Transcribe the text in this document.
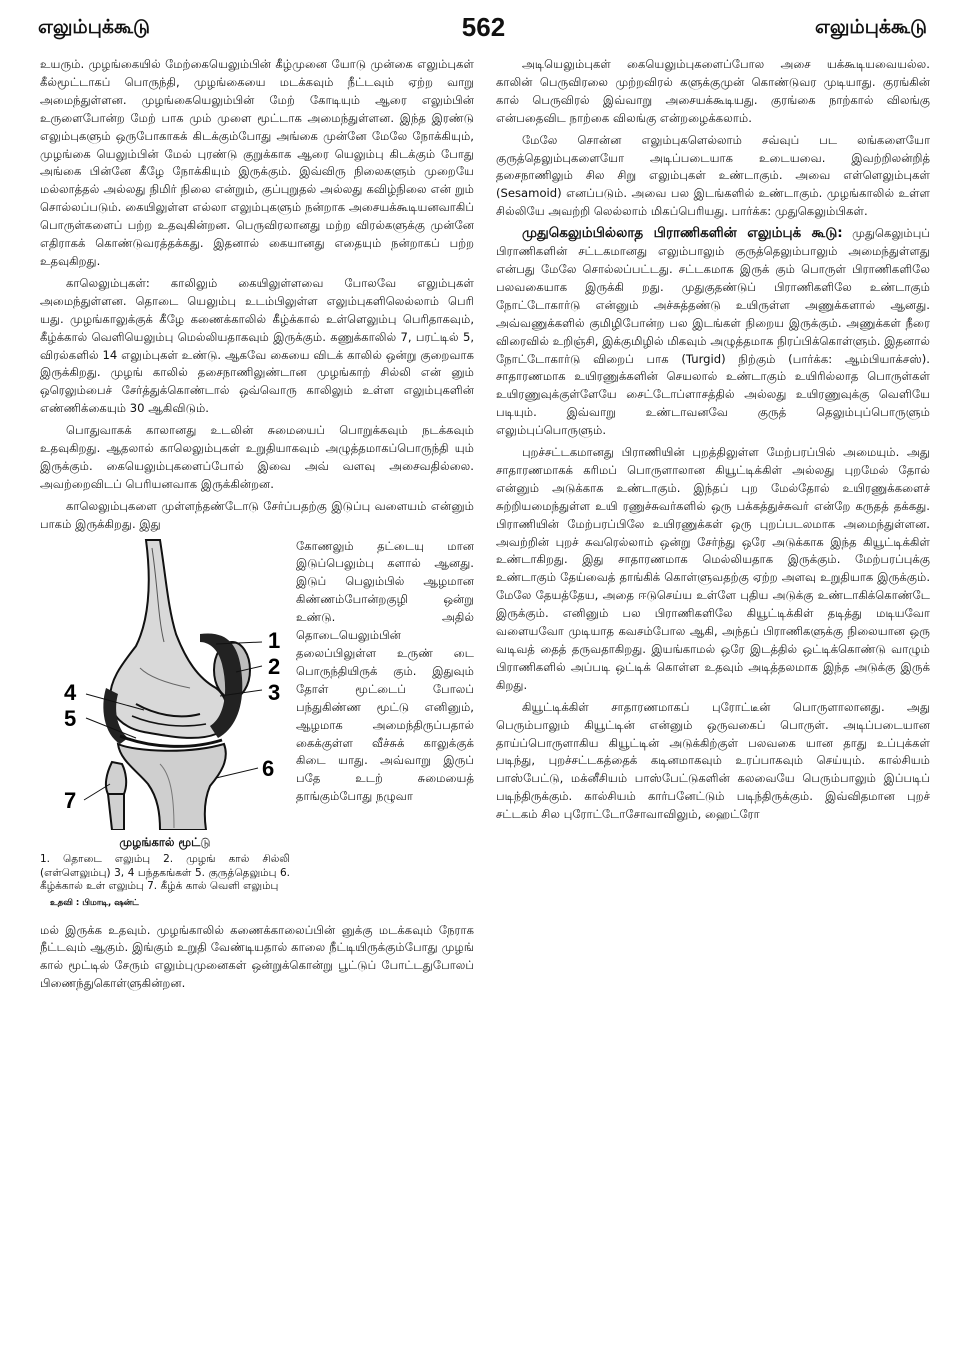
எலும்புக்கூடு	562	எலும்புக்கூடு

உயரும். முழங்கையில் மேற்கையெலும்பின் கீழ்முனை யோடு முன்கை எலும்புகள் கீல்மூட்டாகப் பொருந்தி, முழங்கையை மடக்கவும் நீட்டவும் ஏற்ற வாறு அமைந்துள்ளன. முழங்கையெலும்பின் மேற் கோடியும் ஆரை எலும்பின் உருளைபோன்ற மேற் பாக மும் முளை மூட்டாக அமைந்துள்ளன. இந்த இரண்டு எலும்புகளும் ஒருபோகாகக் கிடக்கும்போது அங்கை முன்னே மேலே நோக்கியும், முழங்கை யெலும்பின் மேல் புரண்டு குறுக்காக ஆரை யெலும்பு கிடக்கும் போது அங்கை பின்னே கீழே நோக்கியும் இருக்கும். இவ்விரு நிலைகளும் முறையே மல்லாத்தல் அல்லது நிமிர் நிலை என்றும், குப்புறுதல் அல்லது கவிழ்நிலை என் றும் சொல்லப்படும். கையிலுள்ள எல்லா எலும்புகளும் நன்றாக அசையக்கூடியனவாகிப் பொருள்களைப் பற்ற உதவுகின்றன. பெருவிரலானது மற்ற விரல்களுக்கு முன்னே எதிராகக் கொண்டுவரத்தக்கது. இதனால் கையானது எதையும் நன்றாகப் பற்ற உதவுகிறது.

காலெலும்புகள்: காலிலும் கையிலுள்ளவை போலவே எலும்புகள் அமைந்துள்ளன. தொடை யெலும்பு உடம்பிலுள்ள எலும்புகளிலெல்லாம் பெரி யது. முழங்காலுக்குக் கீழே கணைக்காலில் கீழ்க்கால் உள்ளெலும்பு பெரிதாகவும், கீழ்க்கால் வெளியெலும்பு மெல்லியதாகவும் இருக்கும். கணுக்காலில் 7, பரட்டில் 5, விரல்களில் 14 எலும்புகள் உண்டு. ஆகவே கையை விடக் காலில் ஒன்று குறைவாக இருக்கிறது. முழங் காலில் தசைநாணிலுண்டான முழங்காற் சில்லி என் னும் ஒரெலும்பைச் சேர்த்துக்கொண்டால் ஒவ்வொரு காலிலும் உள்ள எலும்புகளின் எண்ணிக்கையும் 30 ஆகிவிடும்.

பொதுவாகக் காலானது உடலின் சுமையைப் பொறுக்கவும் நடக்கவும் உதவுகிறது. ஆதலால் காலெலும்புகள் உறுதியாகவும் அழுத்தமாகப்பொருந்தி யும் இருக்கும். கையெலும்புகளைப்போல் இவை அவ் வளவு அசைவதில்லை. அவற்றைவிடப் பெரியனவாக இருக்கின்றன.

காலெலும்புகளை முள்ளந்தண்டோடு சேர்ப்பதற்கு இடுப்பு வளையம் என்னும் பாகம் இருக்கிறது. இது

1
2
3
4
5
6
7
கோணலும் தட்டையு மான இடுப்பெலும்பு களால் ஆனது. இடுப் பெலும்பில் ஆழமான கிண்ணம்போன்றகுழி ஒன்று உண்டு. அதில் தொடையெலும்பின் தலைப்பிலுள்ள உருண் டை பொருந்தியிருக் கும். இதுவும் தோள் மூட்டைப் போலப் பந்துகிண்ண மூட்டு எனினும், ஆழமாக அமைந்திருப்பதால் கைக்குள்ள வீச்சுக் காலுக்குக் கிடை யாது. அவ்வாறு இருப் பதே உடற் சுமையைத் தாங்கும்போது நழுவா
முழங்கால் மூட்டு
1. தொடை எலும்பு 2. முழங் கால் சில்லி (எள்ளெலும்பு) 3, 4 பந்தகங்கள் 5. குருத்தெலும்பு 6. கீழ்க்கால் உள் எலும்பு 7. கீழ்க் கால் வெளி எலும்பு
உதவி : பிமாடி, ஷன்ட்

மல் இருக்க உதவும். முழங்காலில் கணைக்காலைப்பின் னுக்கு மடக்கவும் நேராக நீட்டவும் ஆகும். இங்கும் உறுதி வேண்டியதால் காலை நீட்டியிருக்கும்போது முழங் கால் மூட்டில் சேரும் எலும்புமுனைகள் ஒன்றுக்கொன்று பூட்டுப் போட்டதுபோலப் பிணைந்துகொள்ளுகின்றன.

அடியெலும்புகள் கையெலும்புகளைப்போல அசை யக்கூடியவையல்ல. காலின் பெருவிரலை முற்றவிரல் களுக்குமுன் கொண்டுவர முடியாது. குரங்கின் கால் பெருவிரல் இவ்வாறு அசையக்கூடியது. குரங்கை நாற்கால் விலங்கு என்பதைவிட நாற்கை விலங்கு என்றழைக்கலாம்.

மேலே சொன்ன எலும்புகளெல்லாம் சவ்வுப் பட லங்களையோ குருத்தெலும்புகளையோ அடிப்படையாக உடையவை. இவற்றிலன்றித் தசைநாணிலும் சில சிறு எலும்புகள் உண்டாகும். அவை எள்ளெலும்புகள் (Sesamoid) எனப்படும். அவை பல இடங்களில் உண்டாகும். முழங்காலில் உள்ள சில்லியே அவற்றி லெல்லாம் மிகப்பெரியது. பார்க்க: முதுகெலும்பிகள்.

முதுகெலும்பில்லாத பிராணிகளின் எலும்புக் கூடு: முதுகெலும்புப் பிராணிகளின் சட்டகமானது எலும்பாலும் குருத்தெலும்பாலும் அமைந்துள்ளது என்பது மேலே சொல்லப்பட்டது. சட்டகமாக இருக் கும் பொருள் பிராணிகளிலே பலவகையாக இருக்கி றது. முதுகுதண்டுப் பிராணிகளிலே உண்டாகும் நோட்டோகார்டு என்னும் அச்சுத்தண்டு உயிருள்ள அணுக்களால் ஆனது. அவ்வணுக்களில் குமிழிபோன்ற பல இடங்கள் நிறைய இருக்கும். அணுக்கள் நீரை விரைவில் உறிஞ்சி, இக்குமிழில் மிகவும் அழுத்தமாக நிரப்பிக்கொள்ளும். இதனால் நோட்டோகார்டு விறைப் பாக (Turgid) நிற்கும் (பார்க்க: ஆம்பியாக்சஸ்). சாதாரணமாக உயிரணுக்களின் செயலால் உண்டாகும் உயிரில்லாத பொருள்கள் உயிரணுவுக்குள்ளேயே சைட்டோப்ளாசத்தில் அல்லது உயிரணுவுக்கு வெளியே படியும். இவ்வாறு உண்டாவனவே குருத் தெலும்புப்பொருளும் எலும்புப்பொருளும்.

புறச்சட்டகமானது பிராணியின் புறத்திலுள்ள மேற்பரப்பில் அமையும். அது சாதாரணமாகக் கரிமப் பொருளாலான கியூட்டிக்கிள் அல்லது புறமேல் தோல் என்னும் அடுக்காக உண்டாகும். இந்தப் புற மேல்தோல் உயிரணுக்களைச் சுற்றியமைந்துள்ள உயி ரணுச்சுவர்களில் ஒரு பக்கத்துச்சுவர் என்றே கருதத் தக்கது. பிராணியின் மேற்பரப்பிலே உயிரணுக்கள் ஒரு புறப்படலமாக அமைந்துள்ளன. அவற்றின் புறச் சுவரெல்லாம் ஒன்று சேர்ந்து ஒரே அடுக்காக இந்த கியூட்டிக்கிள் உண்டாகிறது. இது சாதாரணமாக மெல்லியதாக இருக்கும். மேற்பரப்புக்கு உண்டாகும் தேய்வைத் தாங்கிக் கொள்ளுவதற்கு ஏற்ற அளவு உறுதியாக இருக்கும். மேலே தேயத்தேய, அதை ஈடுசெய்ய உள்ளே புதிய அடுக்கு உண்டாகிக்கொண்டே இருக்கும். எனினும் பல பிராணிகளிலே கியூட்டிக்கிள் தடித்து மடியவோ வளையவோ முடியாத கவசம்போல ஆகி, அந்தப் பிராணிகளுக்கு நிலையான ஒரு வடிவத் தைத் தருவதாகிறது. இயங்காமல் ஒரே இடத்தில் ஒட்டிக்கொண்டு வாழும் பிராணிகளில் அப்படி ஒட்டிக் கொள்ள உதவும் அடித்தலமாக இந்த அடுக்கு இருக் கிறது.

கியூட்டிக்கிள் சாதாரணமாகப் புரோட்டீன் பொருளாலானது. அது பெரும்பாலும் கியூட்டின் என்னும் ஒருவகைப் பொருள். அடிப்படையான தாய்ப்பொருளாகிய கியூட்டின் அடுக்கிற்குள் பலவகை யான தாது உப்புக்கள் படிந்து, புறச்சட்டகத்தைக் கடினமாகவும் உரப்பாகவும் செய்யும். கால்சியம் பாஸ்பேட்டு, மக்னீசியம் பாஸ்பேட்டுகளின் கலவையே பெரும்பாலும் இப்படிப் படிந்திருக்கும். கால்சியம் கார்பனேட்டும் படிந்திருக்கும். இவ்விதமான புறச் சட்டகம் சில புரோட்டோசோவாவிலும், ஹைட்ரோ
